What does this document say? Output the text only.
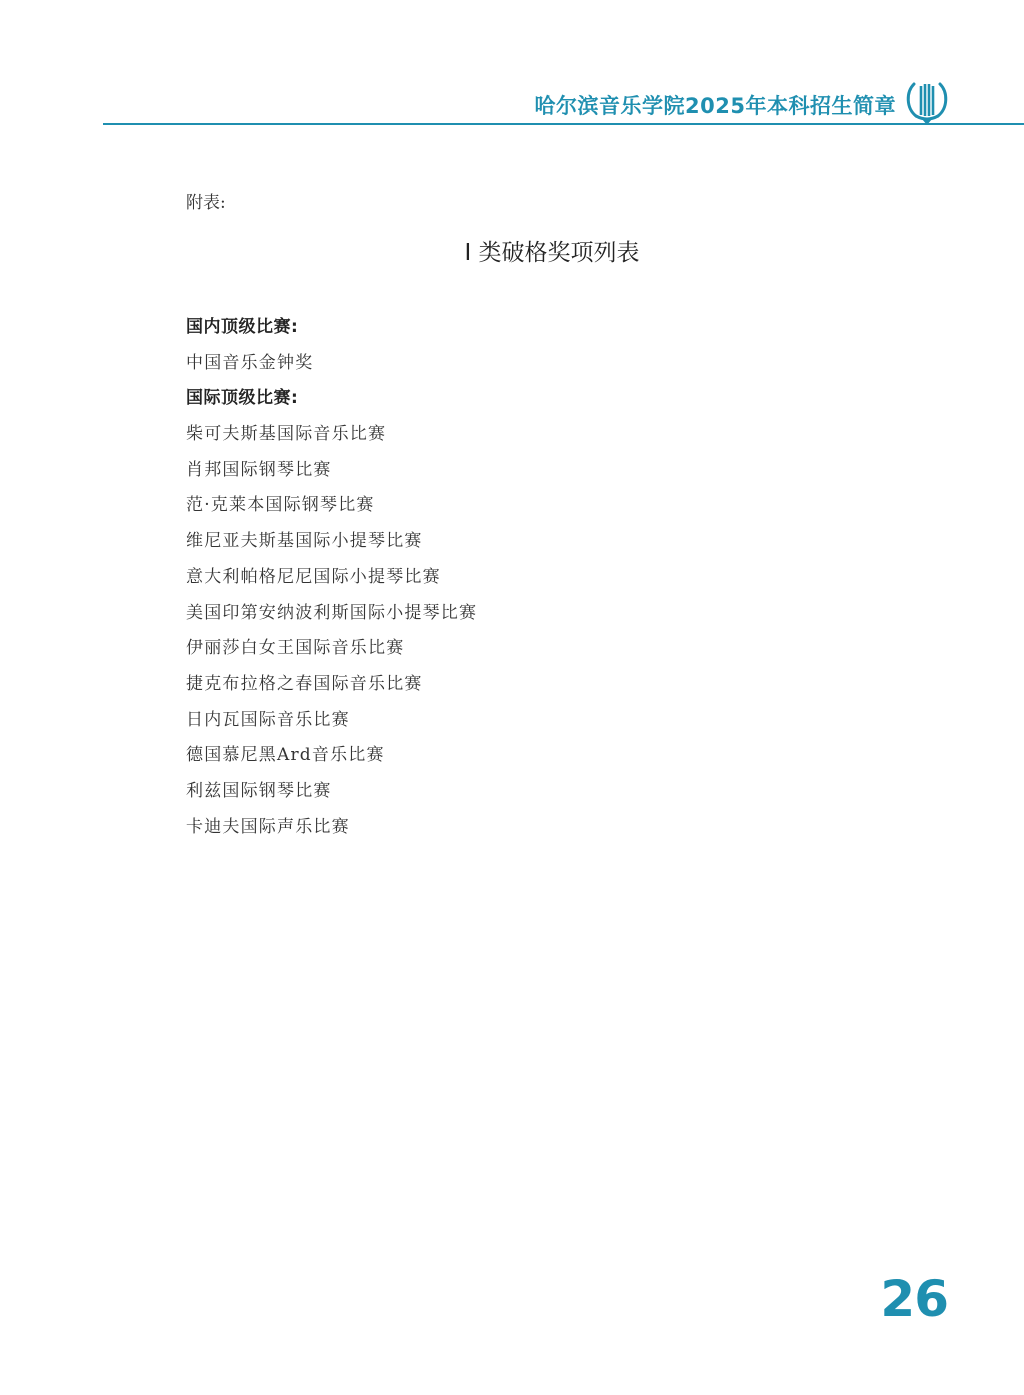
哈尔滨音乐学院2025年本科招生简章
附表:
Ⅰ 类破格奖项列表
国内顶级比赛:
中国音乐金钟奖
国际顶级比赛:
柴可夫斯基国际音乐比赛
肖邦国际钢琴比赛
范·克莱本国际钢琴比赛
维尼亚夫斯基国际小提琴比赛
意大利帕格尼尼国际小提琴比赛
美国印第安纳波利斯国际小提琴比赛
伊丽莎白女王国际音乐比赛
捷克布拉格之春国际音乐比赛
日内瓦国际音乐比赛
德国慕尼黑Ard音乐比赛
利兹国际钢琴比赛
卡迪夫国际声乐比赛
26
